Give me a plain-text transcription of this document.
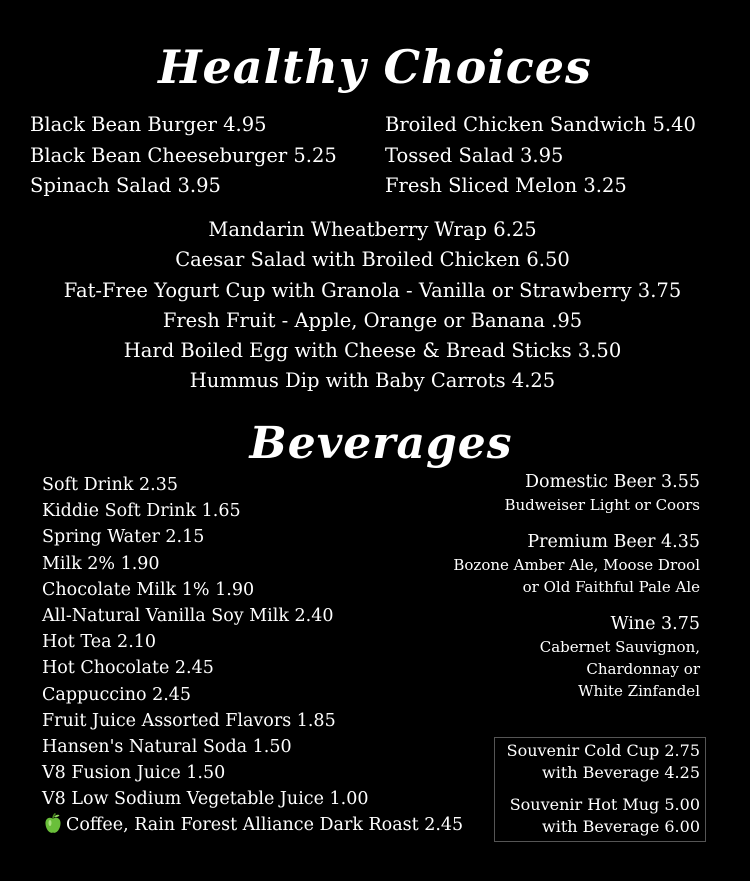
Healthy Choices
Black Bean Burger 4.95
Black Bean Cheeseburger 5.25
Spinach Salad 3.95
Broiled Chicken Sandwich 5.40
Tossed Salad 3.95
Fresh Sliced Melon 3.25
Mandarin Wheatberry Wrap 6.25
Caesar Salad with Broiled Chicken 6.50
Fat-Free Yogurt Cup with Granola - Vanilla or Strawberry 3.75
Fresh Fruit - Apple, Orange or Banana .95
Hard Boiled Egg with Cheese & Bread Sticks 3.50
Hummus Dip with Baby Carrots 4.25
Beverages
Soft Drink 2.35
Kiddie Soft Drink 1.65
Spring Water 2.15
Milk 2% 1.90
Chocolate Milk 1% 1.90
All-Natural Vanilla Soy Milk 2.40
Hot Tea 2.10
Hot Chocolate 2.45
Cappuccino 2.45
Fruit Juice Assorted Flavors 1.85
Hansen's Natural Soda 1.50
V8 Fusion Juice 1.50
V8 Low Sodium Vegetable Juice 1.00
Coffee, Rain Forest Alliance Dark Roast 2.45
Domestic Beer 3.55
Budweiser Light or Coors
Premium Beer 4.35
Bozone Amber Ale, Moose Drool
or Old Faithful Pale Ale
Wine 3.75
Cabernet Sauvignon,
Chardonnay or
White Zinfandel
Souvenir Cold Cup 2.75
with Beverage 4.25
Souvenir Hot Mug 5.00
with Beverage 6.00
